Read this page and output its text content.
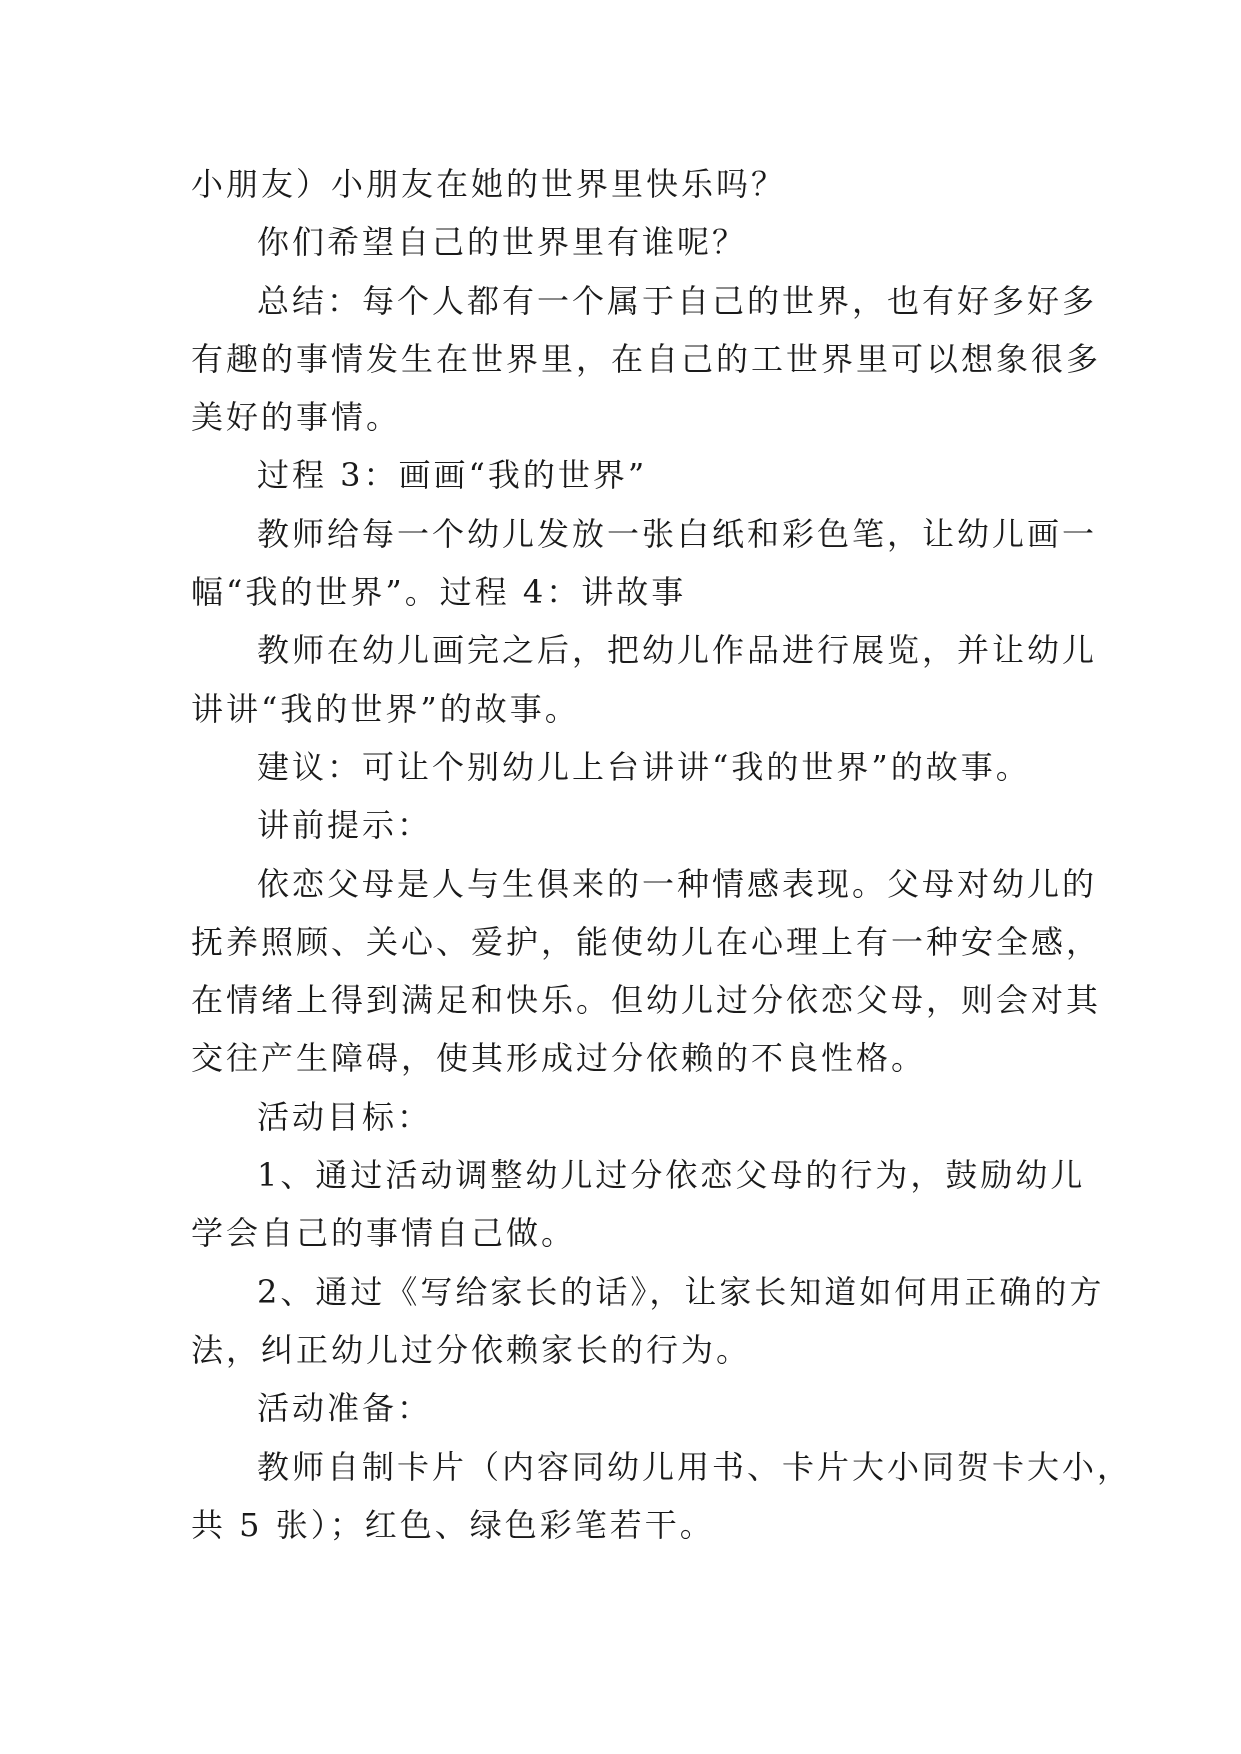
小朋友）小朋友在她的世界里快乐吗？
你们希望自己的世界里有谁呢？
总结：每个人都有一个属于自己的世界，也有好多好多
有趣的事情发生在世界里，在自己的工世界里可以想象很多
美好的事情。
过程 3：画画“我的世界”
教师给每一个幼儿发放一张白纸和彩色笔，让幼儿画一
幅“我的世界”。过程 4：讲故事
教师在幼儿画完之后，把幼儿作品进行展览，并让幼儿
讲讲“我的世界”的故事。
建议：可让个别幼儿上台讲讲“我的世界”的故事。
讲前提示：
依恋父母是人与生俱来的一种情感表现。父母对幼儿的
抚养照顾、关心、爱护，能使幼儿在心理上有一种安全感，
在情绪上得到满足和快乐。但幼儿过分依恋父母，则会对其
交往产生障碍，使其形成过分依赖的不良性格。
活动目标：
1、通过活动调整幼儿过分依恋父母的行为，鼓励幼儿
学会自己的事情自己做。
2、通过《写给家长的话》，让家长知道如何用正确的方
法，纠正幼儿过分依赖家长的行为。
活动准备：
教师自制卡片（内容同幼儿用书、卡片大小同贺卡大小，
共 5 张）；红色、绿色彩笔若干。
